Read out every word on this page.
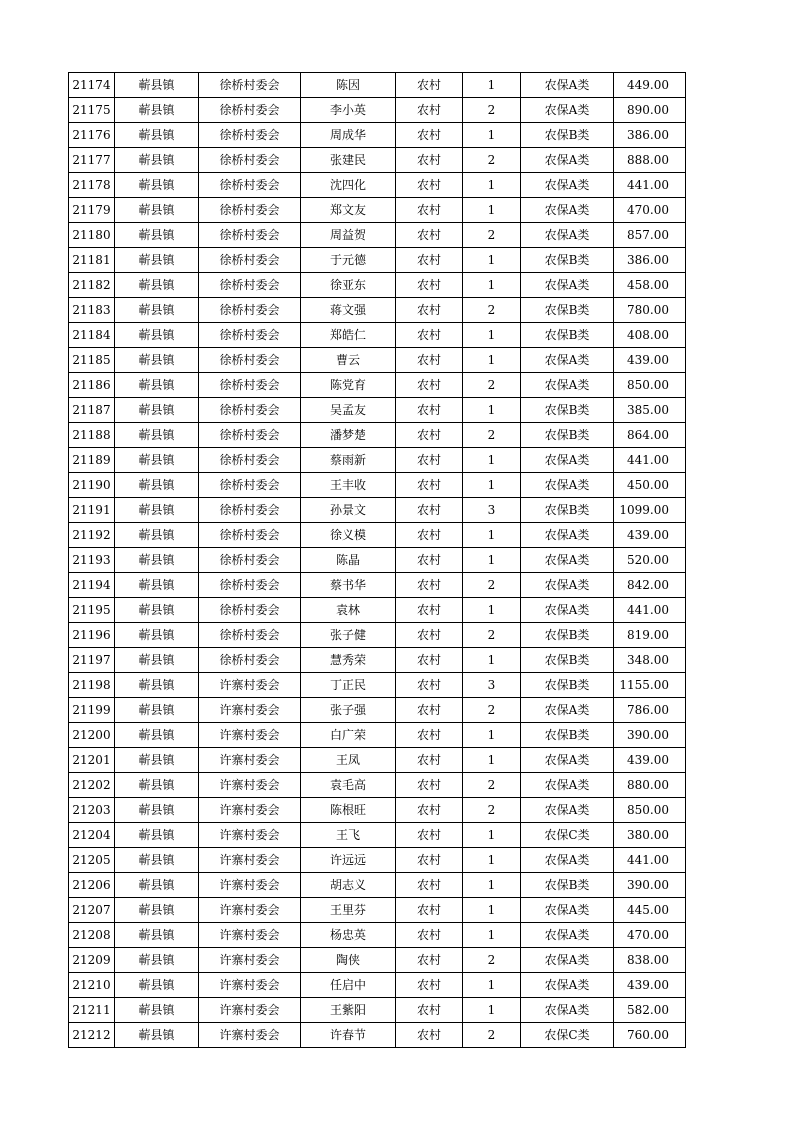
21174	蕲县镇	徐桥村委会	陈因	农村	1	农保A类	449.00
21175	蕲县镇	徐桥村委会	李小英	农村	2	农保A类	890.00
21176	蕲县镇	徐桥村委会	周成华	农村	1	农保B类	386.00
21177	蕲县镇	徐桥村委会	张建民	农村	2	农保A类	888.00
21178	蕲县镇	徐桥村委会	沈四化	农村	1	农保A类	441.00
21179	蕲县镇	徐桥村委会	郑文友	农村	1	农保A类	470.00
21180	蕲县镇	徐桥村委会	周益贺	农村	2	农保A类	857.00
21181	蕲县镇	徐桥村委会	于元德	农村	1	农保B类	386.00
21182	蕲县镇	徐桥村委会	徐亚东	农村	1	农保A类	458.00
21183	蕲县镇	徐桥村委会	蒋文强	农村	2	农保B类	780.00
21184	蕲县镇	徐桥村委会	郑皓仁	农村	1	农保B类	408.00
21185	蕲县镇	徐桥村委会	曹云	农村	1	农保A类	439.00
21186	蕲县镇	徐桥村委会	陈党育	农村	2	农保A类	850.00
21187	蕲县镇	徐桥村委会	吴孟友	农村	1	农保B类	385.00
21188	蕲县镇	徐桥村委会	潘梦楚	农村	2	农保B类	864.00
21189	蕲县镇	徐桥村委会	蔡雨新	农村	1	农保A类	441.00
21190	蕲县镇	徐桥村委会	王丰收	农村	1	农保A类	450.00
21191	蕲县镇	徐桥村委会	孙景文	农村	3	农保B类	1099.00
21192	蕲县镇	徐桥村委会	徐义模	农村	1	农保A类	439.00
21193	蕲县镇	徐桥村委会	陈晶	农村	1	农保A类	520.00
21194	蕲县镇	徐桥村委会	蔡书华	农村	2	农保A类	842.00
21195	蕲县镇	徐桥村委会	袁林	农村	1	农保A类	441.00
21196	蕲县镇	徐桥村委会	张子健	农村	2	农保B类	819.00
21197	蕲县镇	徐桥村委会	慧秀荣	农村	1	农保B类	348.00
21198	蕲县镇	许寨村委会	丁正民	农村	3	农保B类	1155.00
21199	蕲县镇	许寨村委会	张子强	农村	2	农保A类	786.00
21200	蕲县镇	许寨村委会	白广荣	农村	1	农保B类	390.00
21201	蕲县镇	许寨村委会	王凤	农村	1	农保A类	439.00
21202	蕲县镇	许寨村委会	袁毛高	农村	2	农保A类	880.00
21203	蕲县镇	许寨村委会	陈根旺	农村	2	农保A类	850.00
21204	蕲县镇	许寨村委会	王飞	农村	1	农保C类	380.00
21205	蕲县镇	许寨村委会	许远远	农村	1	农保A类	441.00
21206	蕲县镇	许寨村委会	胡志义	农村	1	农保B类	390.00
21207	蕲县镇	许寨村委会	王里芬	农村	1	农保A类	445.00
21208	蕲县镇	许寨村委会	杨忠英	农村	1	农保A类	470.00
21209	蕲县镇	许寨村委会	陶侠	农村	2	农保A类	838.00
21210	蕲县镇	许寨村委会	任启中	农村	1	农保A类	439.00
21211	蕲县镇	许寨村委会	王紫阳	农村	1	农保A类	582.00
21212	蕲县镇	许寨村委会	许春节	农村	2	农保C类	760.00
